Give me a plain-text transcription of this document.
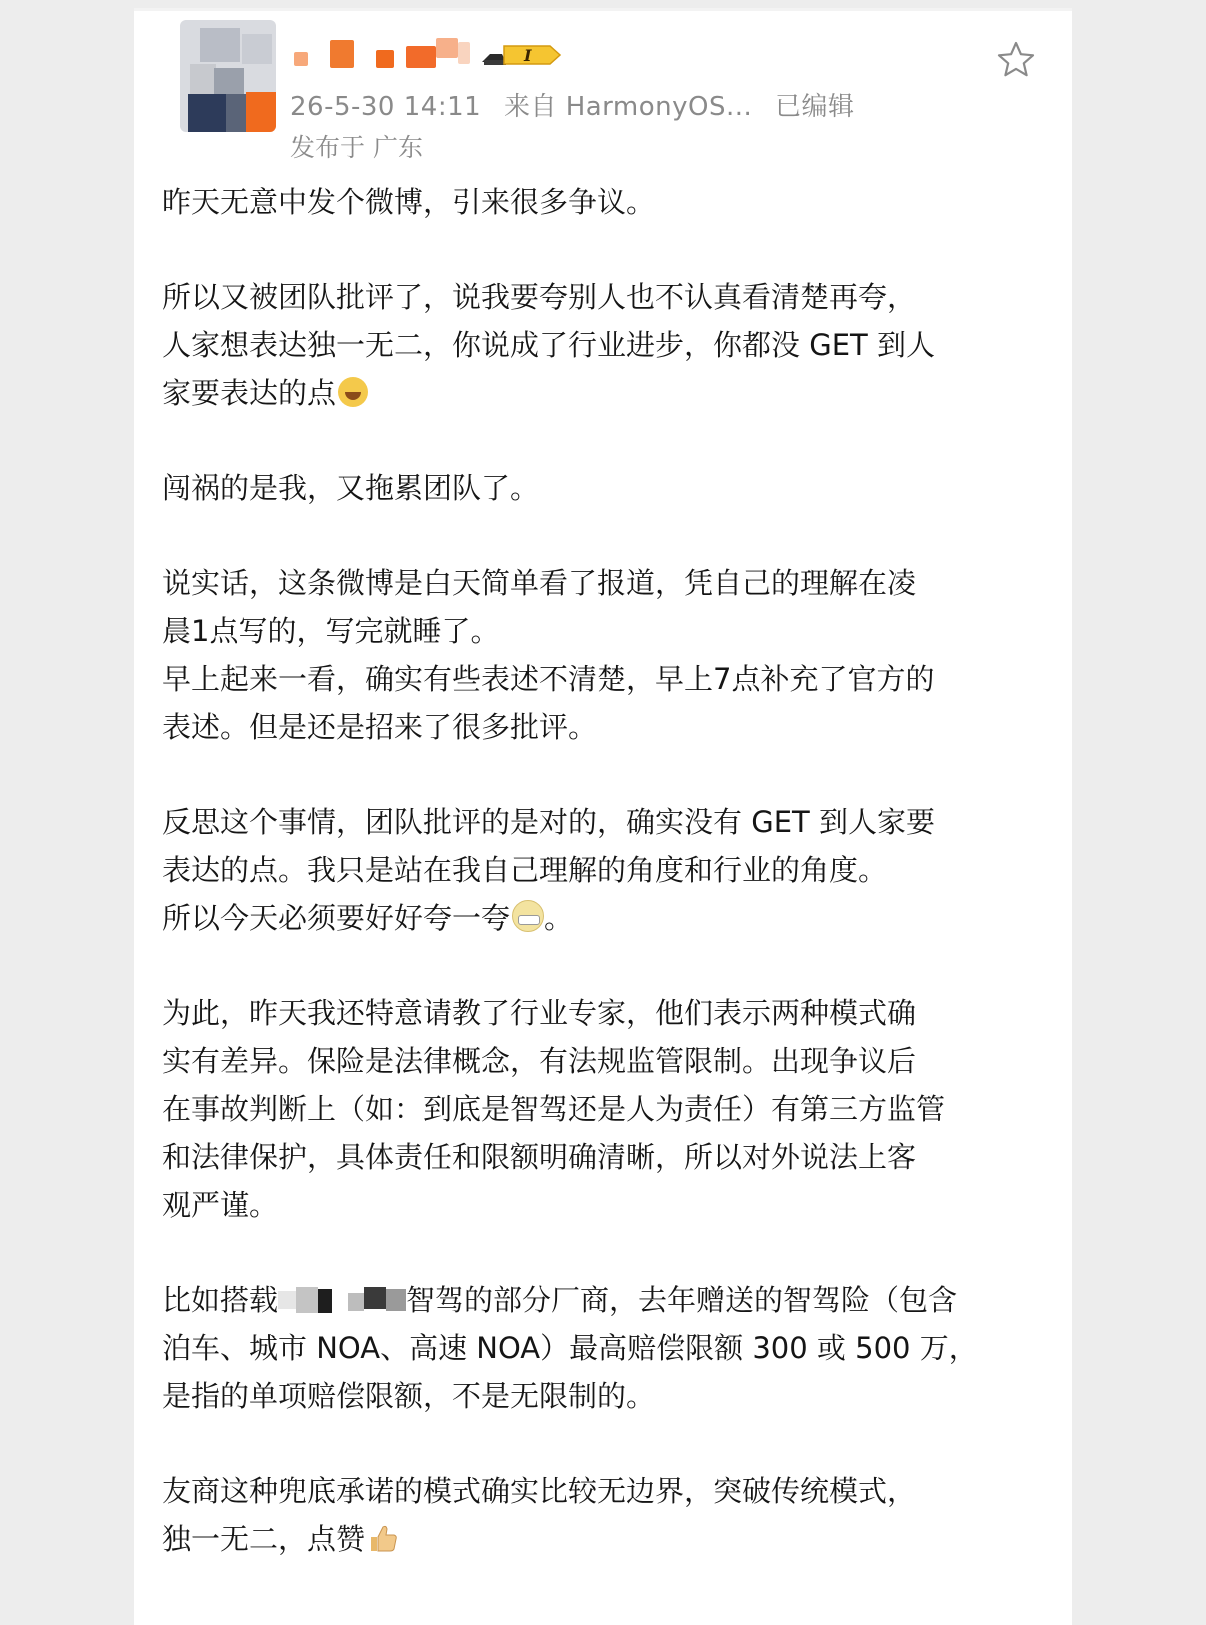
I
26-5-30 14:11 来自 HarmonyOS... 已编辑
发布于 广东

昨天无意中发个微博，引来很多争议。

所以又被团队批评了，说我要夸别人也不认真看清楚再夸，
人家想表达独一无二，你说成了行业进步，你都没 GET 到人
家要表达的点

闯祸的是我，又拖累团队了。

说实话，这条微博是白天简单看了报道，凭自己的理解在凌
晨1点写的，写完就睡了。
早上起来一看，确实有些表述不清楚，早上7点补充了官方的
表述。但是还是招来了很多批评。

反思这个事情，团队批评的是对的，确实没有 GET 到人家要
表达的点。我只是站在我自己理解的角度和行业的角度。
所以今天必须要好好夸一夸 。

为此，昨天我还特意请教了行业专家，他们表示两种模式确
实有差异。保险是法律概念，有法规监管限制。出现争议后
在事故判断上（如：到底是智驾还是人为责任）有第三方监管
和法律保护，具体责任和限额明确清晰，所以对外说法上客
观严谨。

比如搭载	智驾的部分厂商，去年赠送的智驾险（包含
泊车、城市 NOA、高速 NOA）最高赔偿限额 300 或 500 万，
是指的单项赔偿限额，不是无限制的。

友商这种兜底承诺的模式确实比较无边界，突破传统模式，
独一无二，点赞
